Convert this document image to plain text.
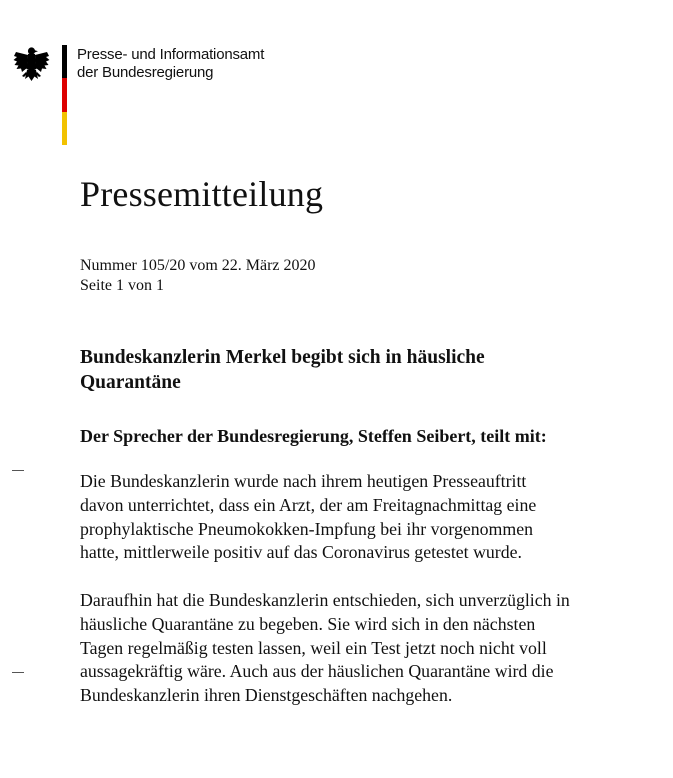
Presse- und Informationsamt
der Bundesregierung
Pressemitteilung
Nummer 105/20 vom 22. März 2020
Seite 1 von 1
Bundeskanzlerin Merkel begibt sich in häusliche
Quarantäne

Der Sprecher der Bundesregierung, Steffen Seibert, teilt mit:

Die Bundeskanzlerin wurde nach ihrem heutigen Presseauftritt
davon unterrichtet, dass ein Arzt, der am Freitagnachmittag eine
prophylaktische Pneumokokken-Impfung bei ihr vorgenommen
hatte, mittlerweile positiv auf das Coronavirus getestet wurde.
Daraufhin hat die Bundeskanzlerin entschieden, sich unverzüglich in
häusliche Quarantäne zu begeben. Sie wird sich in den nächsten
Tagen regelmäßig testen lassen, weil ein Test jetzt noch nicht voll
aussagekräftig wäre. Auch aus der häuslichen Quarantäne wird die
Bundeskanzlerin ihren Dienstgeschäften nachgehen.
